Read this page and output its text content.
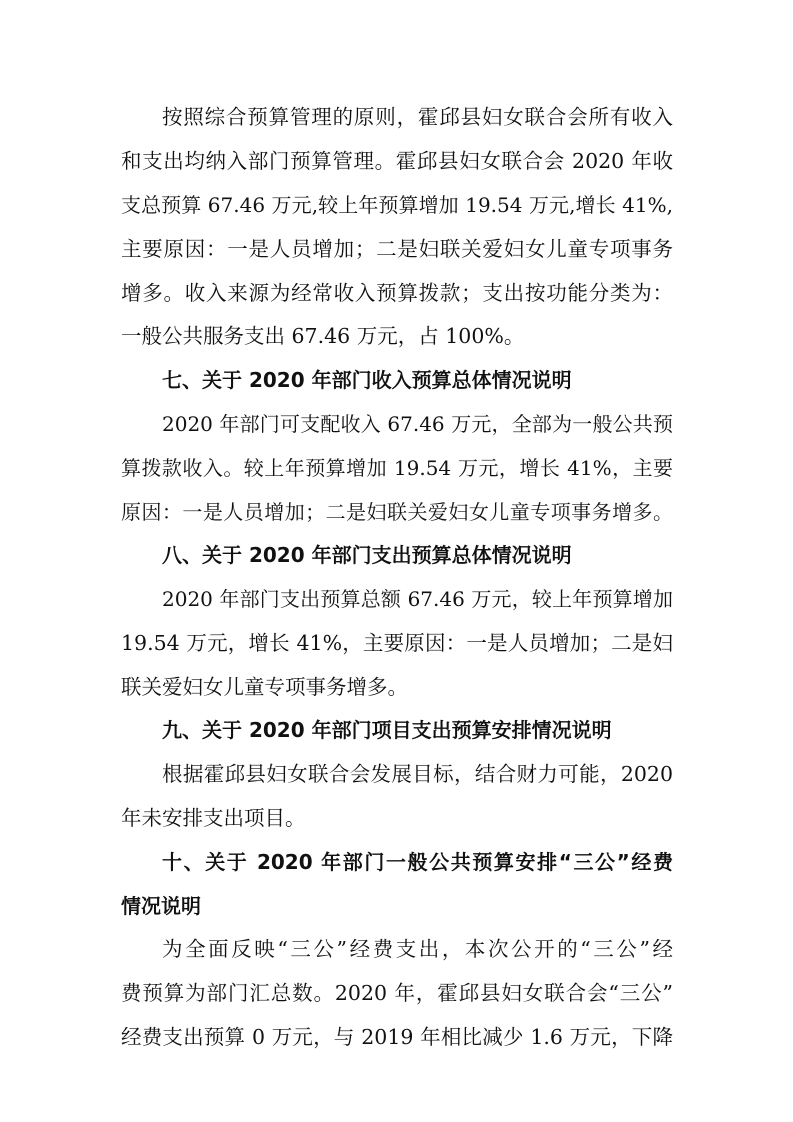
按照综合预算管理的原则，霍邱县妇女联合会所有收入
和支出均纳入部门预算管理。霍邱县妇女联合会 2020 年收
支总预算 67.46 万元,较上年预算增加 19.54 万元,增长 41%,
主要原因：一是人员增加；二是妇联关爱妇女儿童专项事务
增多。收入来源为经常收入预算拨款；支出按功能分类为：
一般公共服务支出 67.46 万元，占 100%。
七、关于 2020 年部门收入预算总体情况说明
2020 年部门可支配收入 67.46 万元，全部为一般公共预
算拨款收入。较上年预算增加 19.54 万元，增长 41%，主要
原因：一是人员增加；二是妇联关爱妇女儿童专项事务增多。
八、关于 2020 年部门支出预算总体情况说明
2020 年部门支出预算总额 67.46 万元，较上年预算增加
19.54 万元，增长 41%，主要原因：一是人员增加；二是妇
联关爱妇女儿童专项事务增多。
九、关于 2020 年部门项目支出预算安排情况说明
根据霍邱县妇女联合会发展目标，结合财力可能，2020
年未安排支出项目。
十、关于 2020 年部门一般公共预算安排“三公”经费
情况说明
为全面反映“三公”经费支出，本次公开的“三公”经
费预算为部门汇总数。2020 年，霍邱县妇女联合会“三公”
经费支出预算 0 万元，与 2019 年相比减少 1.6 万元，下降
